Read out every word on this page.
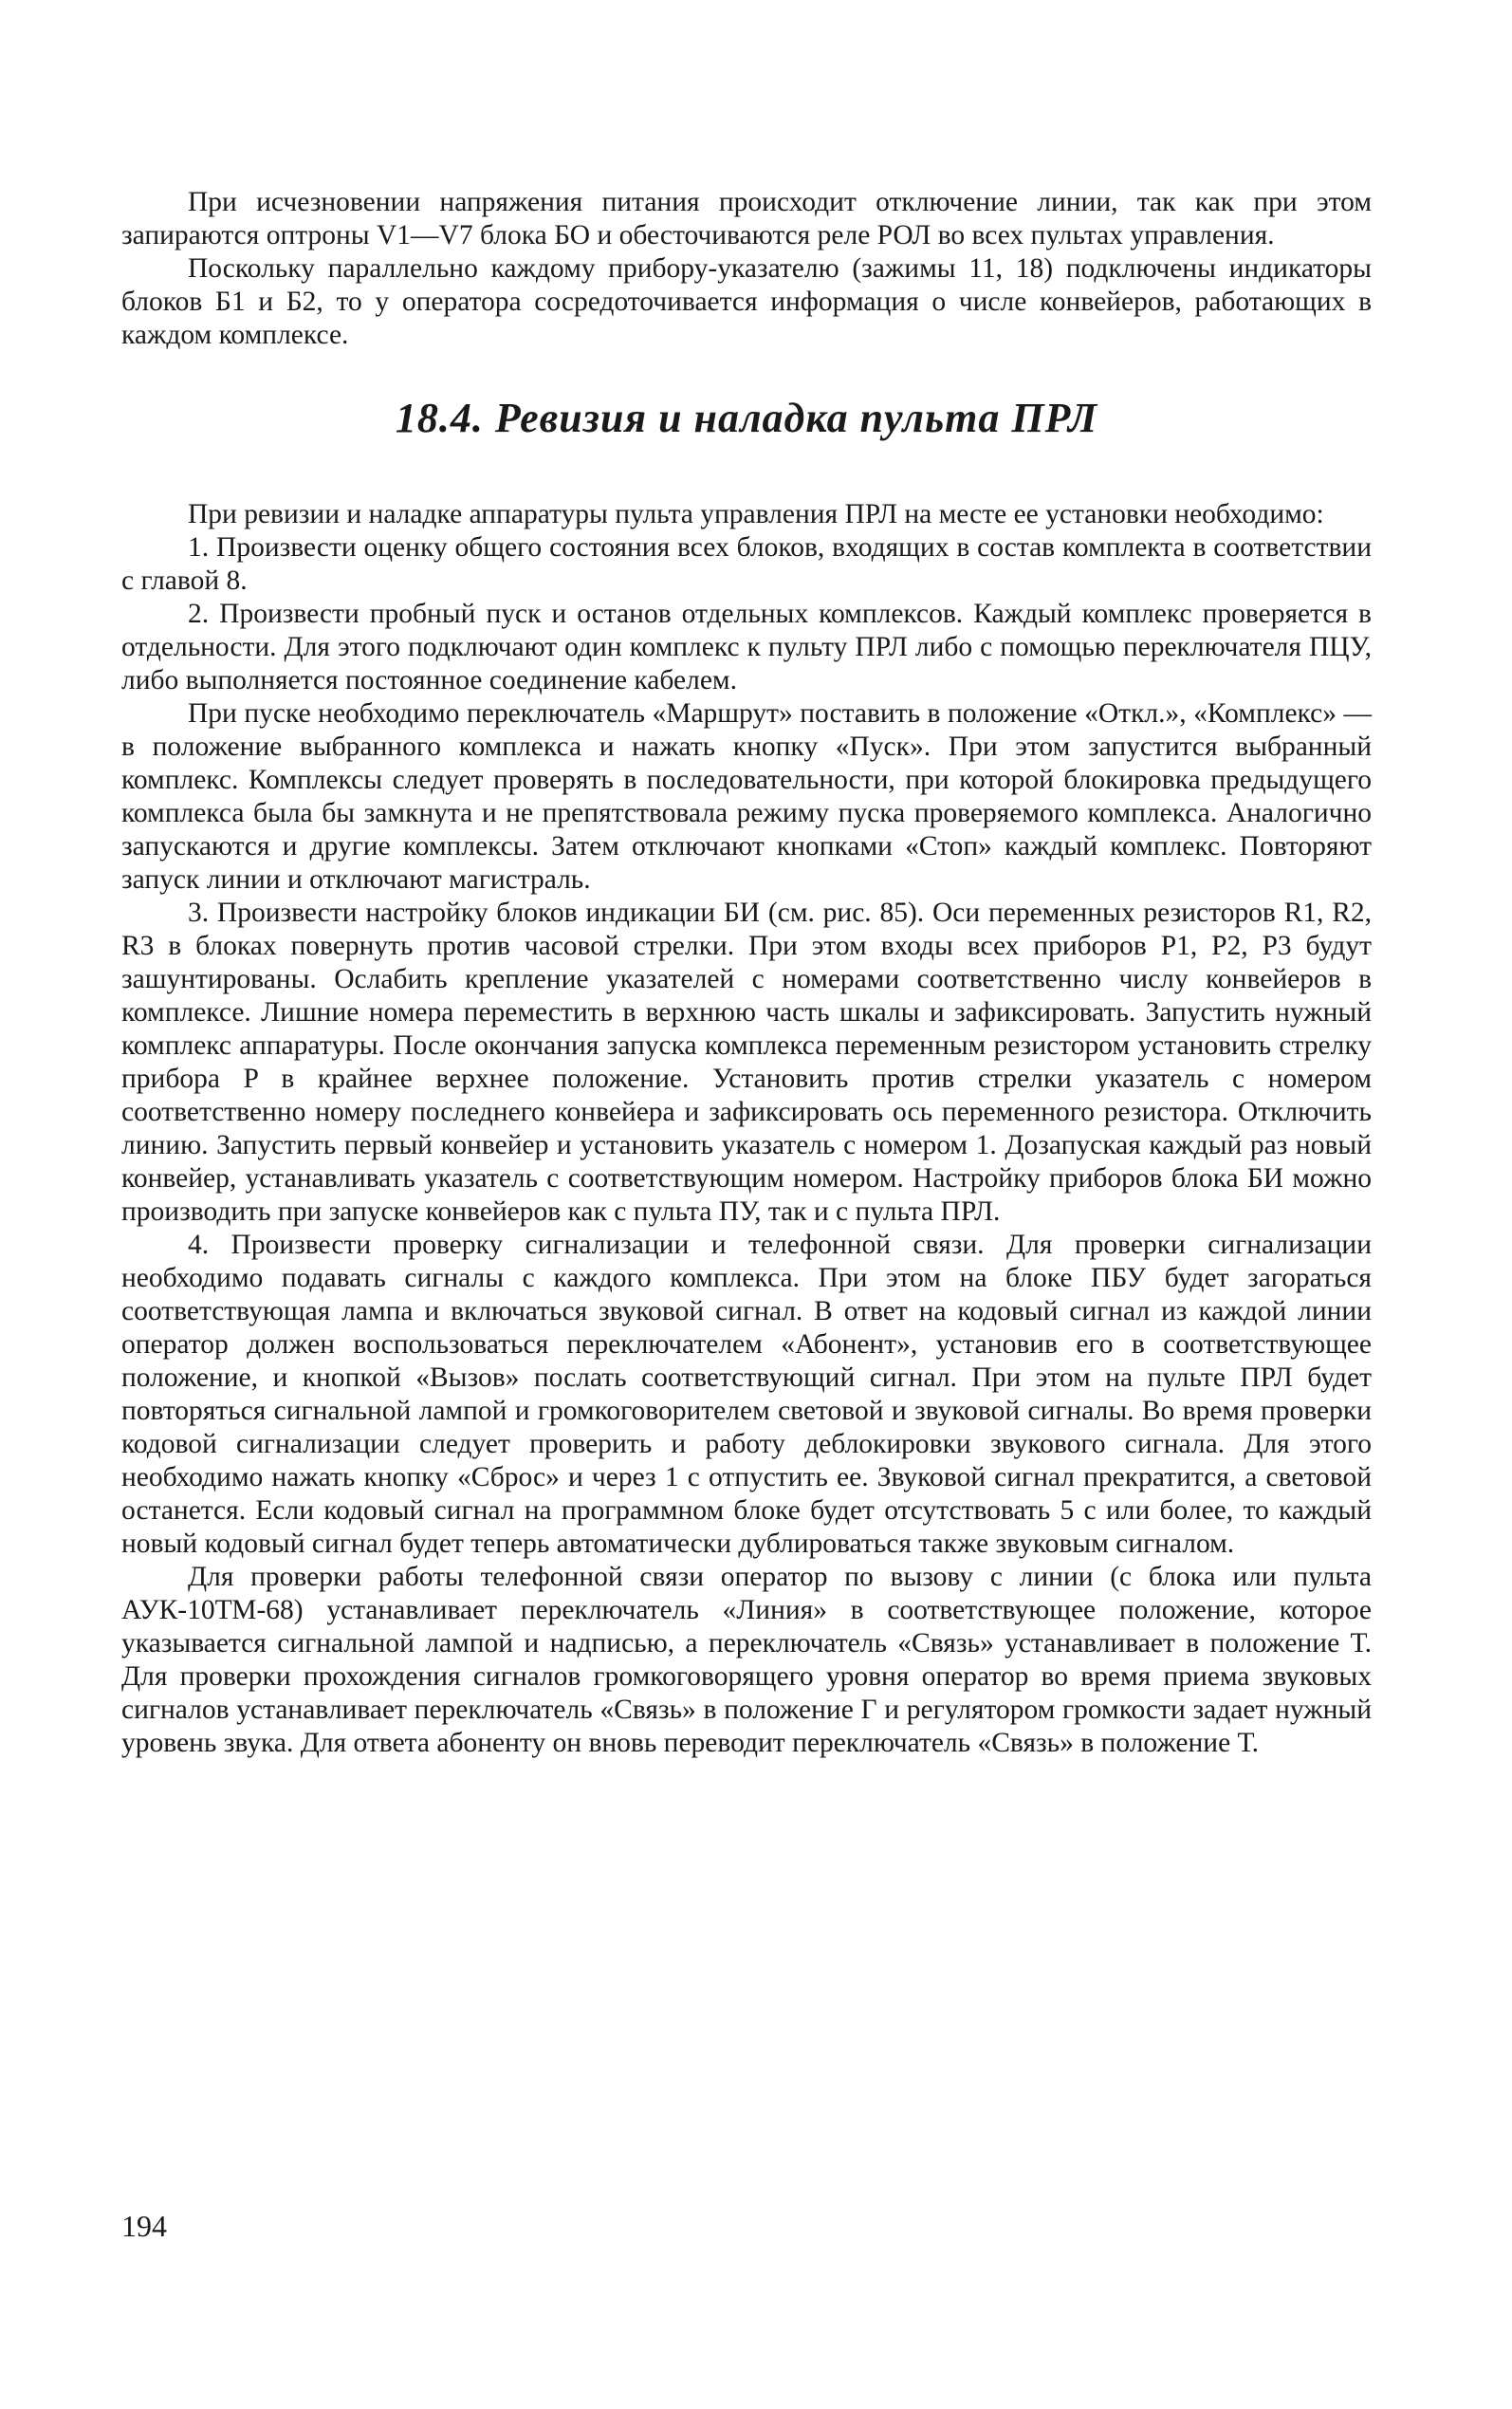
При исчезновении напряжения питания происходит отключение линии, так как при этом запираются оптроны V1—V7 блока БО и обесточиваются реле РОЛ во всех пультах управления.

Поскольку параллельно каждому прибору-указателю (зажимы 11, 18) подключены индикаторы блоков Б1 и Б2, то у оператора сосредоточивается информация о числе конвейеров, работающих в каждом комплексе.

18.4. Ревизия и наладка пульта ПРЛ

При ревизии и наладке аппаратуры пульта управления ПРЛ на месте ее установки необходимо:

1. Произвести оценку общего состояния всех блоков, входящих в состав комплекта в соответствии с главой 8.

2. Произвести пробный пуск и останов отдельных комплексов. Каждый комплекс проверяется в отдельности. Для этого подключают один комплекс к пульту ПРЛ либо с помощью переключателя ПЦУ, либо выполняется постоянное соединение кабелем.

При пуске необходимо переключатель «Маршрут» поставить в положение «Откл.», «Комплекс» — в положение выбранного комплекса и нажать кнопку «Пуск». При этом запустится выбранный комплекс. Комплексы следует проверять в последовательности, при которой блокировка предыдущего комплекса была бы замкнута и не препятствовала режиму пуска проверяемого комплекса. Аналогично запускаются и другие комплексы. Затем отключают кнопками «Стоп» каждый комплекс. Повторяют запуск линии и отключают магистраль.

3. Произвести настройку блоков индикации БИ (см. рис. 85). Оси переменных резисторов R1, R2, R3 в блоках повернуть против часовой стрелки. При этом входы всех приборов P1, P2, P3 будут зашунтированы. Ослабить крепление указателей с номерами соответственно числу конвейеров в комплексе. Лишние номера переместить в верхнюю часть шкалы и зафиксировать. Запустить нужный комплекс аппаратуры. После окончания запуска комплекса переменным резистором установить стрелку прибора P в крайнее верхнее положение. Установить против стрелки указатель с номером соответственно номеру последнего конвейера и зафиксировать ось переменного резистора. Отключить линию. Запустить первый конвейер и установить указатель с номером 1. Дозапуская каждый раз новый конвейер, устанавливать указатель с соответствующим номером. Настройку приборов блока БИ можно производить при запуске конвейеров как с пульта ПУ, так и с пульта ПРЛ.

4. Произвести проверку сигнализации и телефонной связи. Для проверки сигнализации необходимо подавать сигналы с каждого комплекса. При этом на блоке ПБУ будет загораться соответствующая лампа и включаться звуковой сигнал. В ответ на кодовый сигнал из каждой линии оператор должен воспользоваться переключателем «Абонент», установив его в соответствующее положение, и кнопкой «Вызов» послать соответствующий сигнал. При этом на пульте ПРЛ будет повторяться сигнальной лампой и громкоговорителем световой и звуковой сигналы. Во время проверки кодовой сигнализации следует проверить и работу деблокировки звукового сигнала. Для этого необходимо нажать кнопку «Сброс» и через 1 с отпустить ее. Звуковой сигнал прекратится, а световой останется. Если кодовый сигнал на программном блоке будет отсутствовать 5 с или более, то каждый новый кодовый сигнал будет теперь автоматически дублироваться также звуковым сигналом.

Для проверки работы телефонной связи оператор по вызову с линии (с блока или пульта АУК-10ТМ-68) устанавливает переключатель «Линия» в соответствующее положение, которое указывается сигнальной лампой и надписью, а переключатель «Связь» устанавливает в положение Т. Для проверки прохождения сигналов громкоговорящего уровня оператор во время приема звуковых сигналов устанавливает переключатель «Связь» в положение Г и регулятором громкости задает нужный уровень звука. Для ответа абоненту он вновь переводит переключатель «Связь» в положение Т.

194
